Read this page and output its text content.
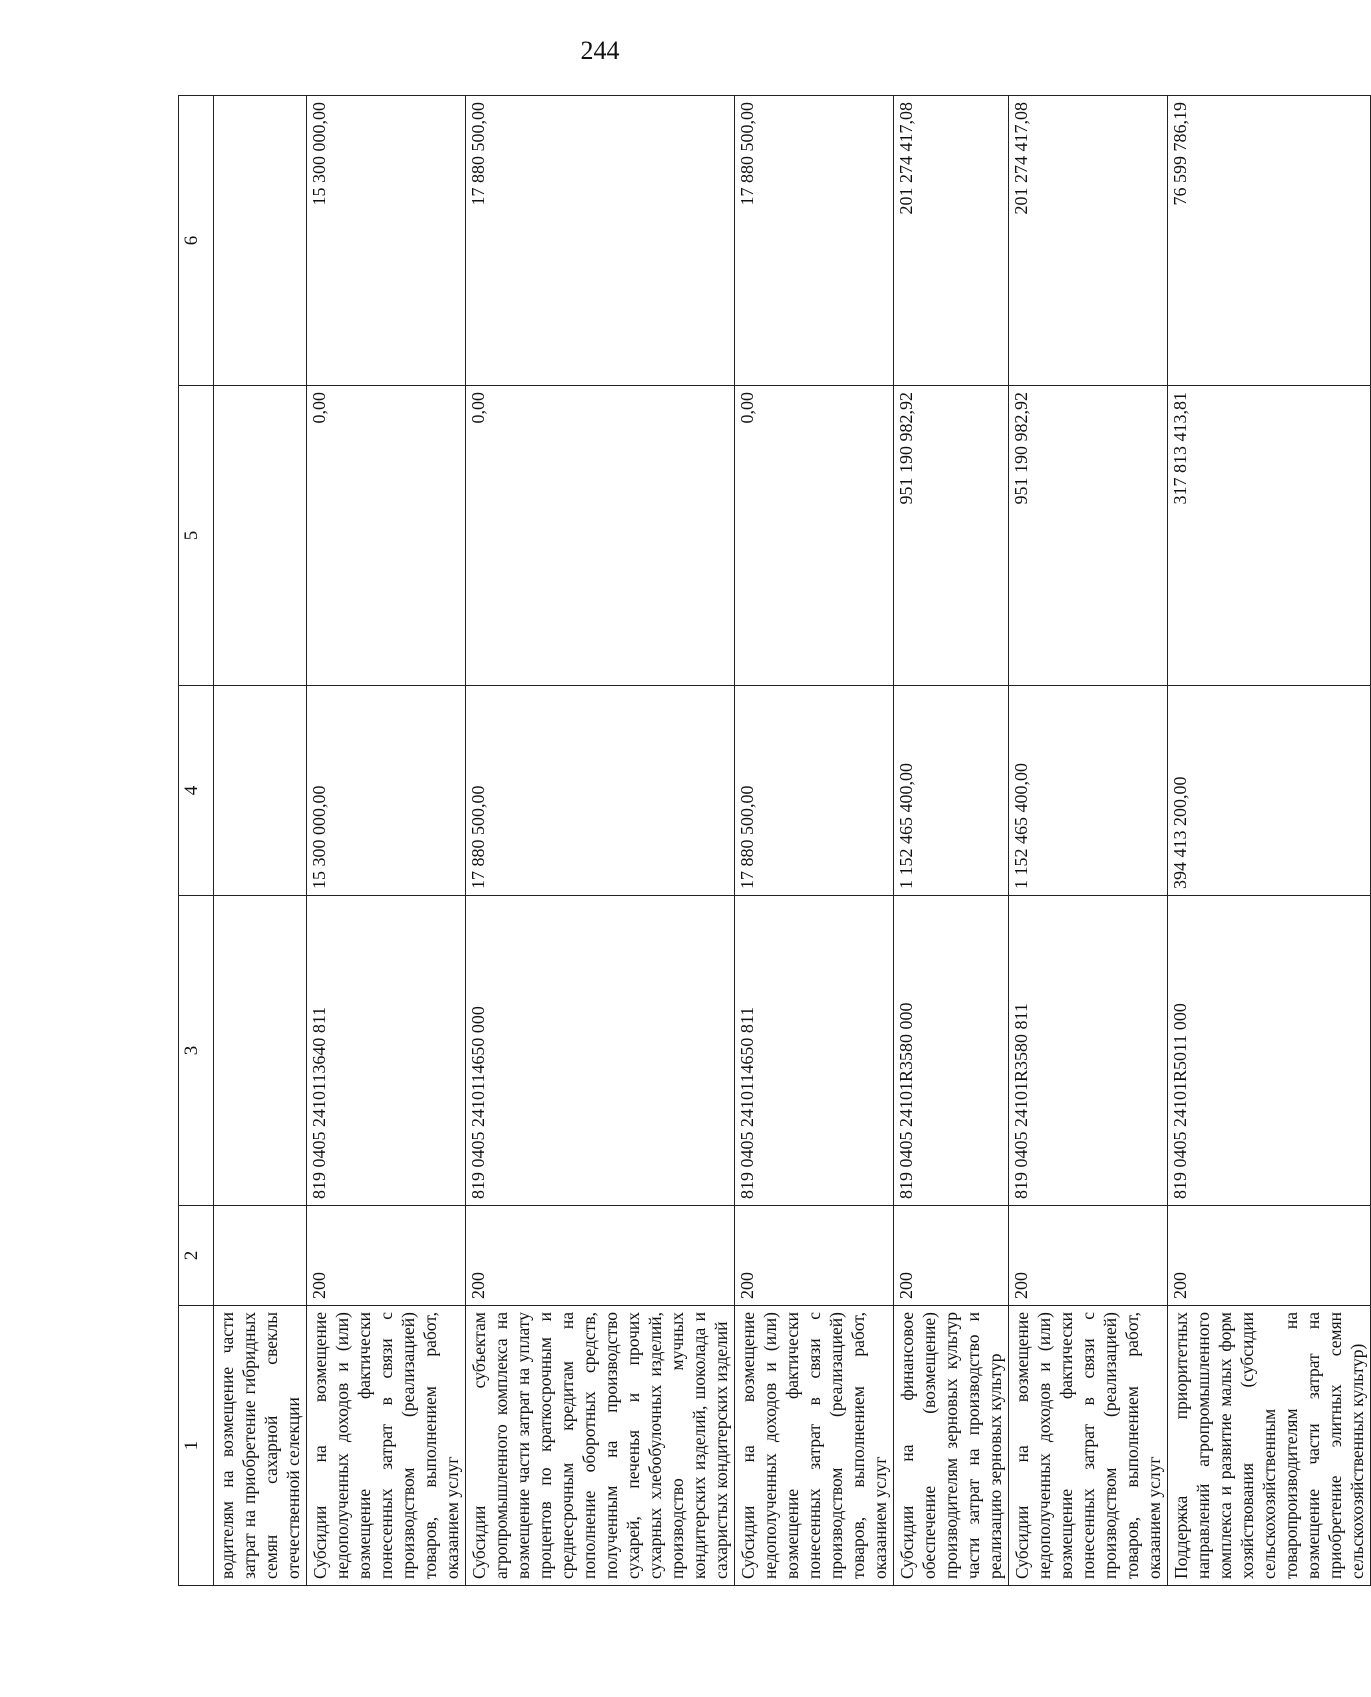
244
1	2	3	4	5	6
водителям на возмещение части затрат на приобретение гибридных семян сахарной свеклы отечественной селекции					
Субсидии на возмещение недополученных доходов и (или) возмещение фактически понесенных затрат в связи с производством (реализацией) товаров, выполнением работ, оказанием услуг	200	819 0405 2410113640 811	15 300 000,00	0,00	15 300 000,00
Субсидии субъектам агропромышленного комплекса на возмещение части затрат на уплату процентов по краткосрочным и среднесрочным кредитам на пополнение оборотных средств, полученным на производство сухарей, печенья и прочих сухарных хлебобулочных изделий, производство мучных кондитерских изделий, шоколада и сахаристых кондитерских изделий	200	819 0405 2410114650 000	17 880 500,00	0,00	17 880 500,00
Субсидии на возмещение недополученных доходов и (или) возмещение фактически понесенных затрат в связи с производством (реализацией) товаров, выполнением работ, оказанием услуг	200	819 0405 2410114650 811	17 880 500,00	0,00	17 880 500,00
Субсидии на финансовое обеспечение (возмещение) производителям зерновых культур части затрат на производство и реализацию зерновых культур	200	819 0405 24101R3580 000	1 152 465 400,00	951 190 982,92	201 274 417,08
Субсидии на возмещение недополученных доходов и (или) возмещение фактически понесенных затрат в связи с производством (реализацией) товаров, выполнением работ, оказанием услуг	200	819 0405 24101R3580 811	1 152 465 400,00	951 190 982,92	201 274 417,08
Поддержка приоритетных направлений агропромышленного комплекса и развитие малых форм хозяйствования (субсидии сельскохозяйственным товаропроизводителям на возмещение части затрат на приобретение элитных семян сельскохозяйственных культур)	200	819 0405 24101R5011 000	394 413 200,00	317 813 413,81	76 599 786,19
